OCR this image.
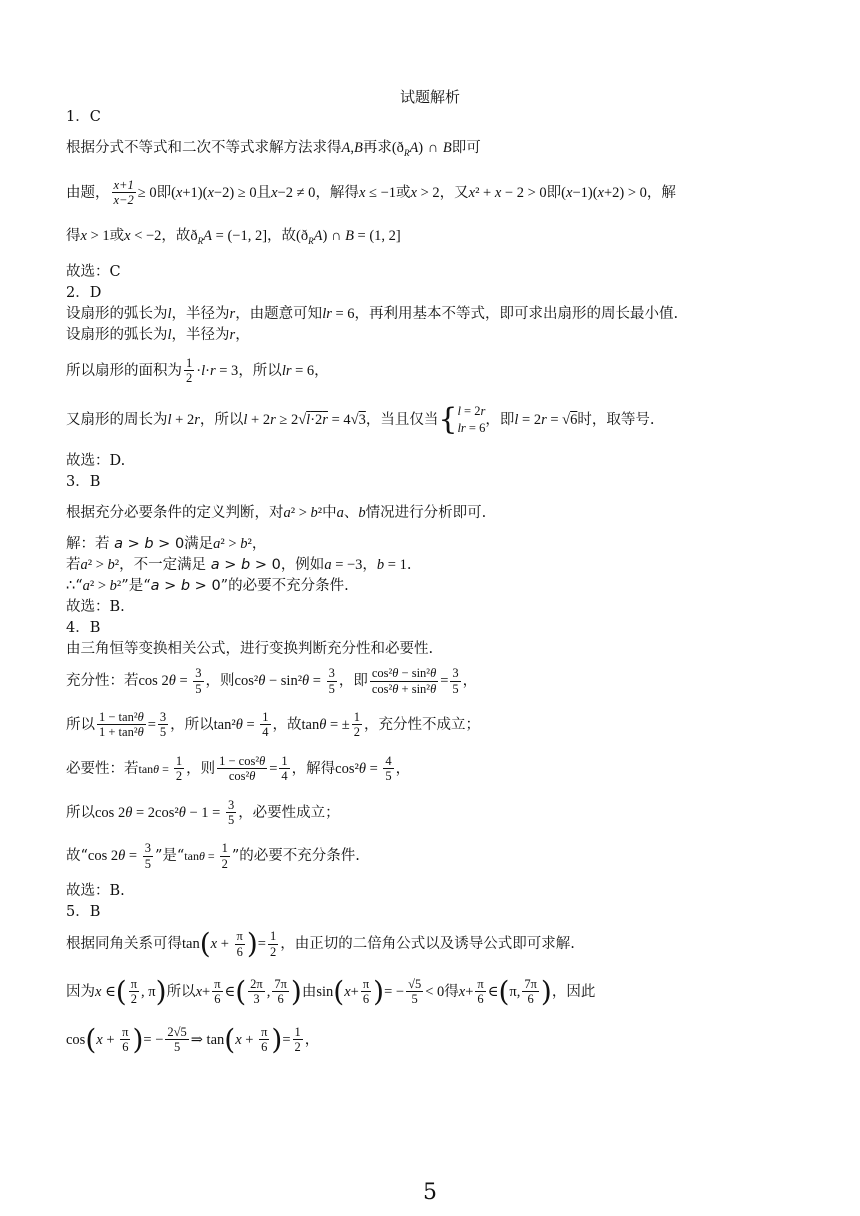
试题解析
1．C
根据分式不等式和二次不等式求解方法求得A,B再求$(ð_RA)$ ∩ B即可
由题， $\frac{x+1}{x-2} \ge 0$即(x+1)(x−2) ≥ 0且x−2 ≠ 0，解得x ≤ −1或x > 2，又x² + x − 2 > 0即(x−1)(x+2) > 0，解
得x > 1或x < −2，故$ð_RA = (-1$, 2]，故$(ð_RA)$ ∩ B = (1, 2]
故选：C
2．D
设扇形的弧长为l，半径为r，由题意可知lr = 6，再利用基本不等式，即可求出扇形的周长最小值.
设扇形的弧长为l，半径为r，
所以扇形的面积为 $\frac{1}{2} \cdot l\cdot r = 3$，所以lr = 6，
又扇形的周长为l + 2r，所以l + 2r ≥ 2√l·2r = 4√3，当且仅当{ l = 2r
lr = 6 ，即l = 2r = √6时，取等号.
故选：D.
3．B
根据充分必要条件的定义判断，对a² > b²中a、b情况进行分析即可.
解：若 a > b > 0满足a² > b²，
若a² > b²，不一定满足 a > b > 0，例如a = −3，b = 1.
∴“a² > b²”是“a > b > 0”的必要不充分条件.
故选：B.
4．B
由三角恒等变换相关公式，进行变换判断充分性和必要性.
充分性：若$\cos 2\theta = \frac{3}{5}$ ，则$\cos^2\theta - \sin^2\theta = \frac{3}{5}$ ，即 $\frac{\text{cos²θ − sin²θ}}{\text{cos²θ + sin²θ}} = \frac{3}{5}$ ，
所以 $\frac{\text{1 − tan²θ}}{\text{1 + tan²θ}} = \frac{3}{5}$ ，所以$\tan^2\theta = \frac{1}{4}$ ，故tanθ = ± $\frac{1}{2}$ ，充分性不成立；
必要性：若$\tan\theta = \frac{1}{2}$ ，则 $\frac{\text{1 − cos²θ}}{\text{cos²θ}} = \frac{1}{4}$ ，解得$\cos^2\theta = \frac{4}{5}$ ，
所以$\cos 2\theta = 2\cos^2\theta - 1 = \frac{3}{5}$ ，必要性成立；
故“cos $2\theta = \frac{3}{5}$ ”是“$\tan\theta = \frac{1}{2}$ ”的必要不充分条件.
故选：B.
5．B
根据同角关系可得$\tan(x + \frac{\pi}{6}$ )= $\frac{1}{2}$ ，由正切的二倍角公式以及诱导公式即可求解.
因为x ∈( $\frac{\pi}{2}$ , π)所以$x+ \frac{\pi}{6}$ ∈( $\frac{2\pi}{3}$ , $\frac{7\pi}{6}$ )由$\sin(x+ \frac{\pi}{6}$ )= − $\frac{√5}{5} < 0$得$x+ \frac{\pi}{6}$ ∈(π, $\frac{7\pi}{6}$ )，因此
$\cos(x + \frac{\pi}{6}$ )= − $\frac{2√5}{5}$ ⇒ $\tan(x + \frac{\pi}{6}$ )= $\frac{1}{2}$ ，
5
